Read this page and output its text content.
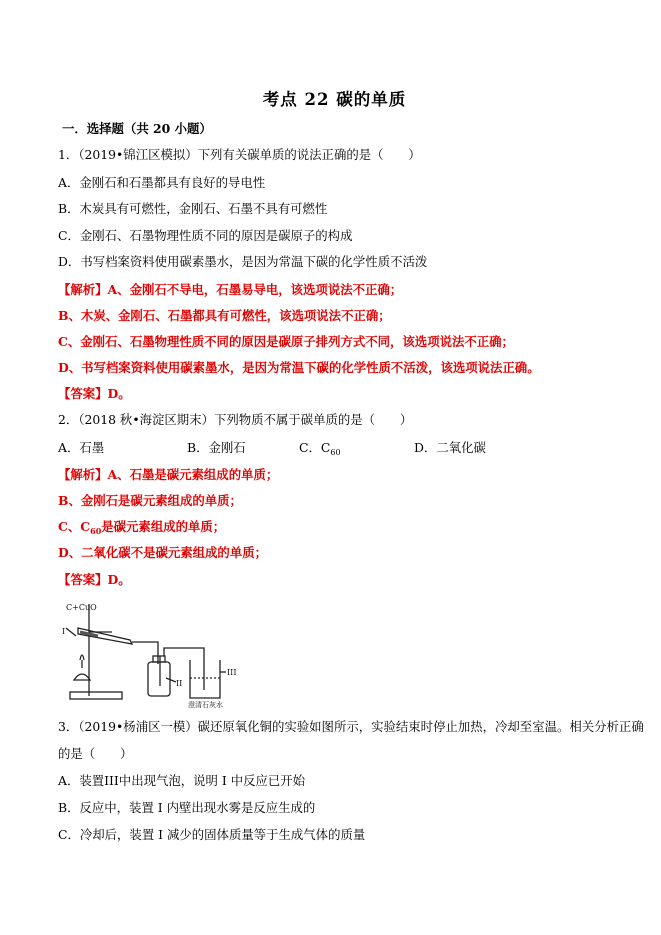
考点 22 碳的单质
一．选择题（共 20 小题）
1．（2019•锦江区模拟）下列有关碳单质的说法正确的是（　　）
A．金刚石和石墨都具有良好的导电性
B．木炭具有可燃性，金刚石、石墨不具有可燃性
C．金刚石、石墨物理性质不同的原因是碳原子的构成
D．书写档案资料使用碳素墨水，是因为常温下碳的化学性质不活泼
【解析】A、金刚石不导电，石墨易导电，该选项说法不正确；
B、木炭、金刚石、石墨都具有可燃性，该选项说法不正确；
C、金刚石、石墨物理性质不同的原因是碳原子排列方式不同，该选项说法不正确；
D、书写档案资料使用碳素墨水，是因为常温下碳的化学性质不活泼，该选项说法正确。
【答案】D。
2．（2018 秋•海淀区期末）下列物质不属于碳单质的是（　　）
A．石墨	B．金刚石	C．$C_{60}$	D．二氧化碳
【解析】A、石墨是碳元素组成的单质；
B、金刚石是碳元素组成的单质；
C、$C_{60}$是碳元素组成的单质；
D、二氧化碳不是碳元素组成的单质；
【答案】D。
C+CuO
I
II
III
澄清石灰水
3．（2019•杨浦区一模）碳还原氧化铜的实验如图所示，实验结束时停止加热，冷却至室温。相关分析正确
的是（　　）
A．装置III中出现气泡，说明 I 中反应已开始
B．反应中，装置 I 内壁出现水雾是反应生成的
C．冷却后，装置 I 减少的固体质量等于生成气体的质量
